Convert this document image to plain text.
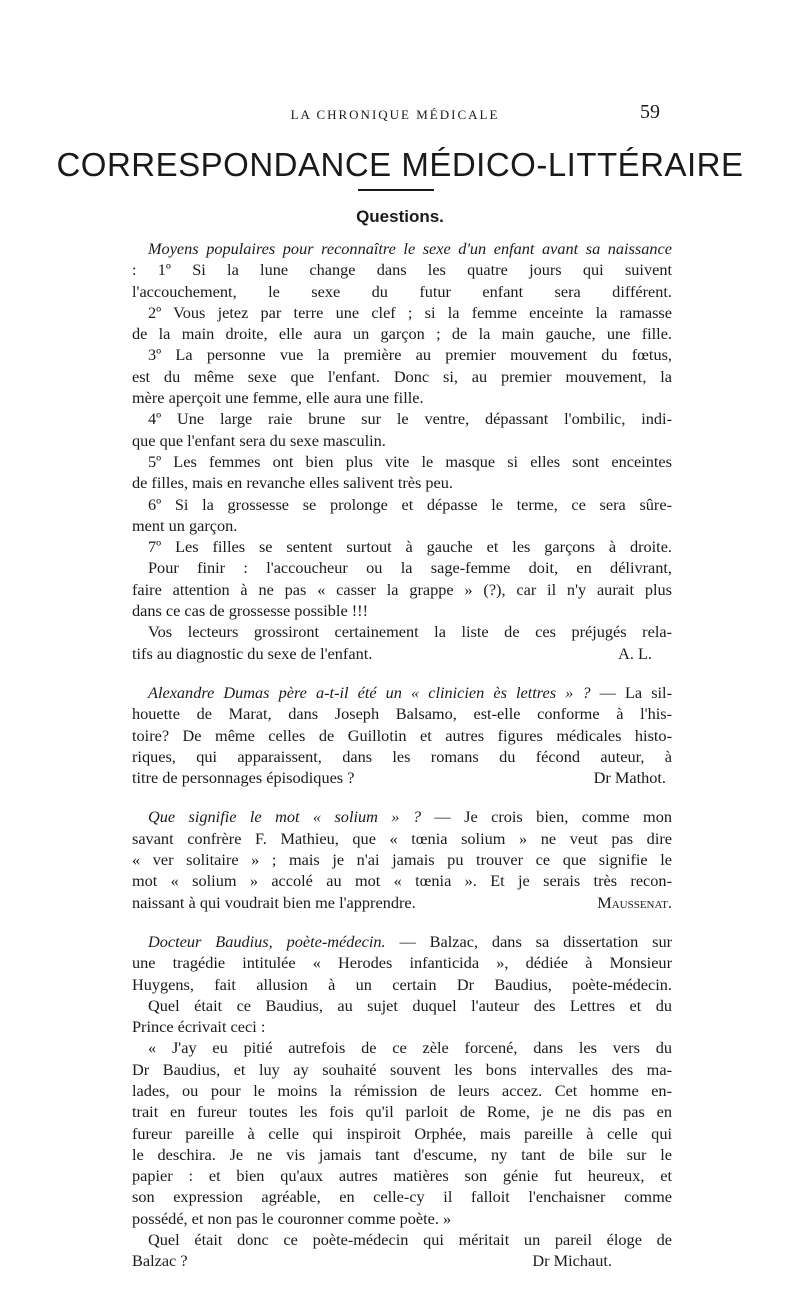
LA CHRONIQUE MÉDICALE	59
CORRESPONDANCE MÉDICO-LITTÉRAIRE
Questions.
Moyens populaires pour reconnaître le sexe d'un enfant avant sa naissance
: 1º Si la lune change dans les quatre jours qui suivent
l'accouchement, le sexe du futur enfant sera différent.
2º Vous jetez par terre une clef ; si la femme enceinte la ramasse
de la main droite, elle aura un garçon ; de la main gauche, une fille.
3º La personne vue la première au premier mouvement du fœtus,
est du même sexe que l'enfant. Donc si, au premier mouvement, la
mère aperçoit une femme, elle aura une fille.
4º Une large raie brune sur le ventre, dépassant l'ombilic, indi-
que que l'enfant sera du sexe masculin.
5º Les femmes ont bien plus vite le masque si elles sont enceintes
de filles, mais en revanche elles salivent très peu.
6º Si la grossesse se prolonge et dépasse le terme, ce sera sûre-
ment un garçon.
7º Les filles se sentent surtout à gauche et les garçons à droite.
Pour finir : l'accoucheur ou la sage-femme doit, en délivrant,
faire attention à ne pas « casser la grappe » (?), car il n'y aurait plus
dans ce cas de grossesse possible !!!
Vos lecteurs grossiront certainement la liste de ces préjugés rela-
tifs au diagnostic du sexe de l'enfant.	A. L.
Alexandre Dumas père a-t-il été un « clinicien ès lettres » ? — La sil-
houette de Marat, dans Joseph Balsamo, est-elle conforme à l'his-
toire? De même celles de Guillotin et autres figures médicales histo-
riques, qui apparaissent, dans les romans du fécond auteur, à
titre de personnages épisodiques ?	Dr Mathot.
Que signifie le mot « solium » ? — Je crois bien, comme mon
savant confrère F. Mathieu, que « tœnia solium » ne veut pas dire
« ver solitaire » ; mais je n'ai jamais pu trouver ce que signifie le
mot « solium » accolé au mot « tœnia ». Et je serais très recon-
naissant à qui voudrait bien me l'apprendre.	Maussenat.
Docteur Baudius, poète-médecin. — Balzac, dans sa dissertation sur
une tragédie intitulée « Herodes infanticida », dédiée à Monsieur
Huygens, fait allusion à un certain Dr Baudius, poète-médecin.
Quel était ce Baudius, au sujet duquel l'auteur des Lettres et du
Prince écrivait ceci :
« J'ay eu pitié autrefois de ce zèle forcené, dans les vers du
Dr Baudius, et luy ay souhaité souvent les bons intervalles des ma-
lades, ou pour le moins la rémission de leurs accez. Cet homme en-
trait en fureur toutes les fois qu'il parloit de Rome, je ne dis pas en
fureur pareille à celle qui inspiroit Orphée, mais pareille à celle qui
le deschira. Je ne vis jamais tant d'escume, ny tant de bile sur le
papier : et bien qu'aux autres matières son génie fut heureux, et
son expression agréable, en celle-cy il falloit l'enchaisner comme
possédé, et non pas le couronner comme poète. »
Quel était donc ce poète-médecin qui méritait un pareil éloge de
Balzac ?	Dr Michaut.
